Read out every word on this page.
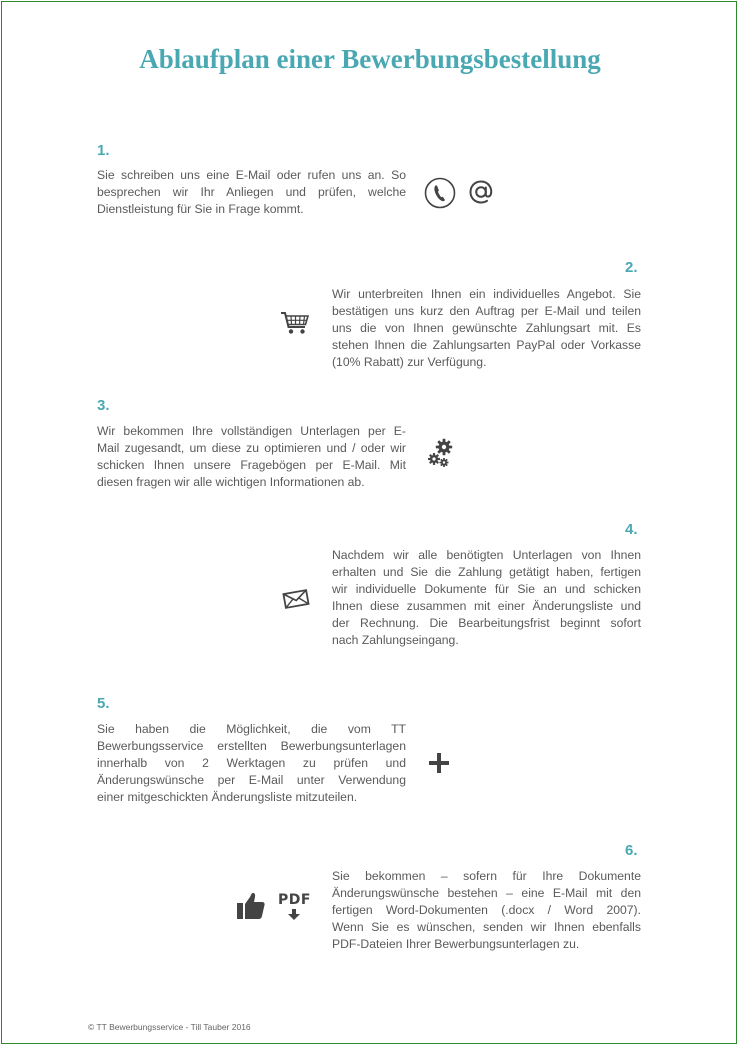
Ablaufplan einer Bewerbungsbestellung
1.
Sie schreiben uns eine E-Mail oder rufen uns an. So
besprechen wir Ihr Anliegen und prüfen, welche
Dienstleistung für Sie in Frage kommt.
2.
Wir unterbreiten Ihnen ein individuelles Angebot. Sie
bestätigen uns kurz den Auftrag per E-Mail und teilen
uns die von Ihnen gewünschte Zahlungsart mit. Es
stehen Ihnen die Zahlungsarten PayPal oder Vorkasse
(10% Rabatt) zur Verfügung.
3.
Wir bekommen Ihre vollständigen Unterlagen per E-
Mail zugesandt, um diese zu optimieren und / oder wir
schicken Ihnen unsere Fragebögen per E-Mail. Mit
diesen fragen wir alle wichtigen Informationen ab.
4.
Nachdem wir alle benötigten Unterlagen von Ihnen
erhalten und Sie die Zahlung getätigt haben, fertigen
wir individuelle Dokumente für Sie an und schicken
Ihnen diese zusammen mit einer Änderungsliste und
der Rechnung. Die Bearbeitungsfrist beginnt sofort
nach Zahlungseingang.
5.
Sie haben die Möglichkeit, die vom TT
Bewerbungsservice erstellten Bewerbungsunterlagen
innerhalb von 2 Werktagen zu prüfen und
Änderungswünsche per E-Mail unter Verwendung
einer mitgeschickten Änderungsliste mitzuteilen.
6.
Sie bekommen – sofern für Ihre Dokumente
Änderungswünsche bestehen – eine E-Mail mit den
fertigen Word-Dokumenten (.docx / Word 2007).
Wenn Sie es wünschen, senden wir Ihnen ebenfalls
PDF-Dateien Ihrer Bewerbungsunterlagen zu.
PDF
© TT Bewerbungsservice - Till Tauber 2016
